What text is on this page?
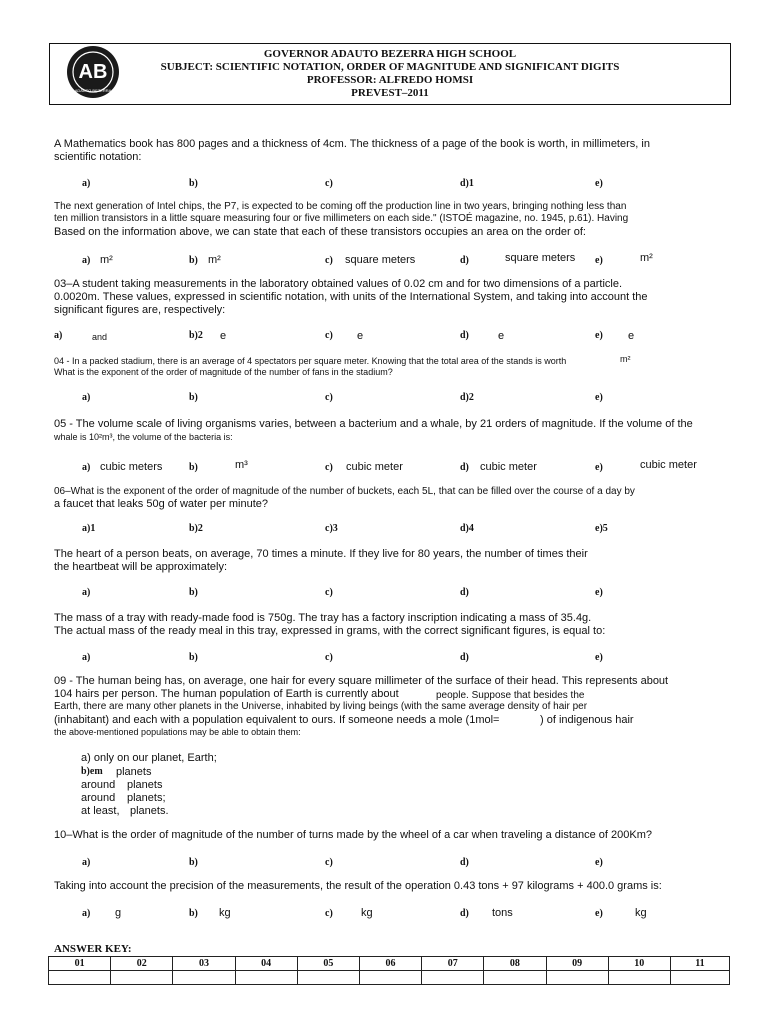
GOVERNOR ADAUTO BEZERRA HIGH SCHOOL
SUBJECT: SCIENTIFIC NOTATION, ORDER OF MAGNITUDE AND SIGNIFICANT DIGITS
PROFESSOR: ALFREDO HOMSI
PREVEST–2011
AB
ADAUTO BEZERRA
A Mathematics book has 800 pages and a thickness of 4cm. The thickness of a page of the book is worth, in millimeters, in
scientific notation:
a)	b)	c)	d)1	e)
The next generation of Intel chips, the P7, is expected to be coming off the production line in two years, bringing nothing less than
ten million transistors in a little square measuring four or five millimeters on each side." (ISTOÉ magazine, no. 1945, p.61). Having
Based on the information above, we can state that each of these transistors occupies an area on the order of:
a) m²	b) m²	c) square meters	d)	square meters e)	m²
03–A student taking measurements in the laboratory obtained values of 0.02 cm and for two dimensions of a particle.
0.0020m. These values, expressed in scientific notation, with units of the International System, and taking into account the
significant figures are, respectively:
a)	and	b)2 e	c) e	d)	e	e) e
04 - In a packed stadium, there is an average of 4 spectators per square meter. Knowing that the total area of the stands is worth	m²
What is the exponent of the order of magnitude of the number of fans in the stadium?
a)	b)	c)	d)2	e)
05 - The volume scale of living organisms varies, between a bacterium and a whale, by 21 orders of magnitude. If the volume of the
whale is 10²m³, the volume of the bacteria is:
a) cubic meters	b)	m³	c) cubic meter	d) cubic meter	e)	cubic meter
06–What is the exponent of the order of magnitude of the number of buckets, each 5L, that can be filled over the course of a day by
a faucet that leaks 50g of water per minute?
a)1	b)2	c)3	d)4	e)5
The heart of a person beats, on average, 70 times a minute. If they live for 80 years, the number of times their
the heartbeat will be approximately:
a)	b)	c)	d)	e)
The mass of a tray with ready-made food is 750g. The tray has a factory inscription indicating a mass of 35.4g.
The actual mass of the ready meal in this tray, expressed in grams, with the correct significant figures, is equal to:
a)	b)	c)	d)	e)
09 - The human being has, on average, one hair for every square millimeter of the surface of their head. This represents about
104 hairs per person. The human population of Earth is currently about	people. Suppose that besides the
Earth, there are many other planets in the Universe, inhabited by living beings (with the same average density of hair per
(inhabitant) and each with a population equivalent to ours. If someone needs a mole (1mol=	) of indigenous hair
the above-mentioned populations may be able to obtain them:
a) only on our planet, Earth;
b)em planets
around planets
around planets;
at least, planets.
10–What is the order of magnitude of the number of turns made by the wheel of a car when traveling a distance of 200Km?
a)	b)	c)	d)	e)
Taking into account the precision of the measurements, the result of the operation 0.43 tons + 97 kilograms + 400.0 grams is:
a) g	b) kg	c)	kg	d) tons	e)	kg
ANSWER KEY:
01	02	03	04	05	06	07	08	09	10	11
